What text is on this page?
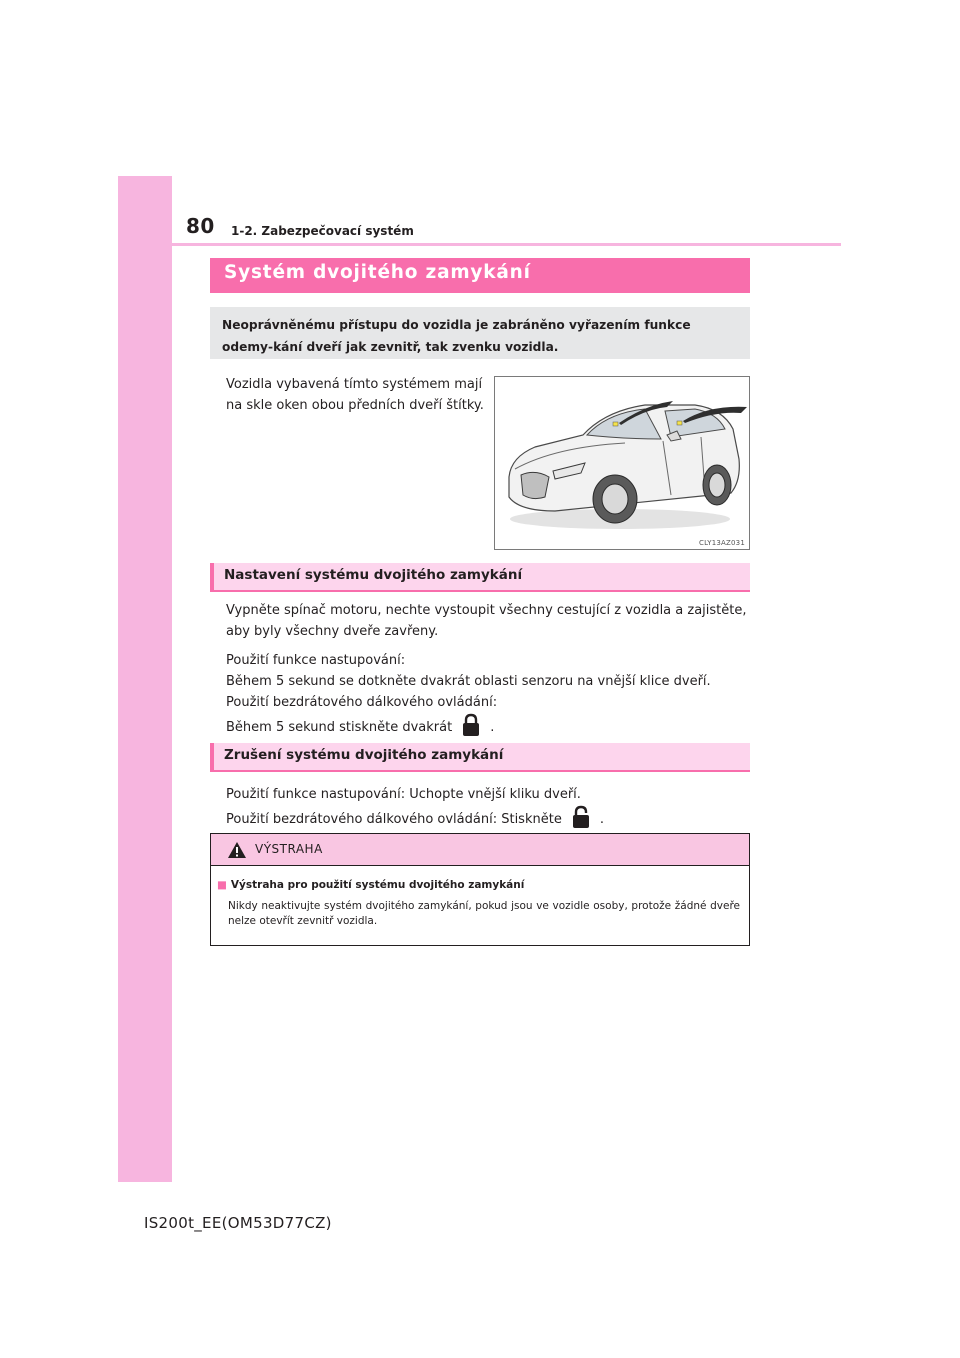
80 1-2. Zabezpečovací systém
Systém dvojitého zamykání
Neoprávněnému přístupu do vozidla je zabráněno vyřazením funkce odemy-kání dveří jak zevnitř, tak zvenku vozidla.
Vozidla vybavená tímto systémem mají
na skle oken obou předních dveří štítky.
CLY13AZ031
Nastavení systému dvojitého zamykání

Vypněte spínač motoru, nechte vystoupit všechny cestující z vozidla a zajistěte, aby byly všechny dveře zavřeny.

Použití funkce nastupování:
Během 5 sekund se dotkněte dvakrát oblasti senzoru na vnější klice dveří.
Použití bezdrátového dálkového ovládání:
Během 5 sekund stiskněte dvakrát	.
Zrušení systému dvojitého zamykání
Použití funkce nastupování: Uchopte vnější kliku dveří.
Použití bezdrátového dálkového ovládání: Stiskněte	.
VÝSTRAHA
■ Výstraha pro použití systému dvojitého zamykání
Nikdy neaktivujte systém dvojitého zamykání, pokud jsou ve vozidle osoby, protože žádné dveře nelze otevřít zevnitř vozidla.
IS200t_EE(OM53D77CZ)
